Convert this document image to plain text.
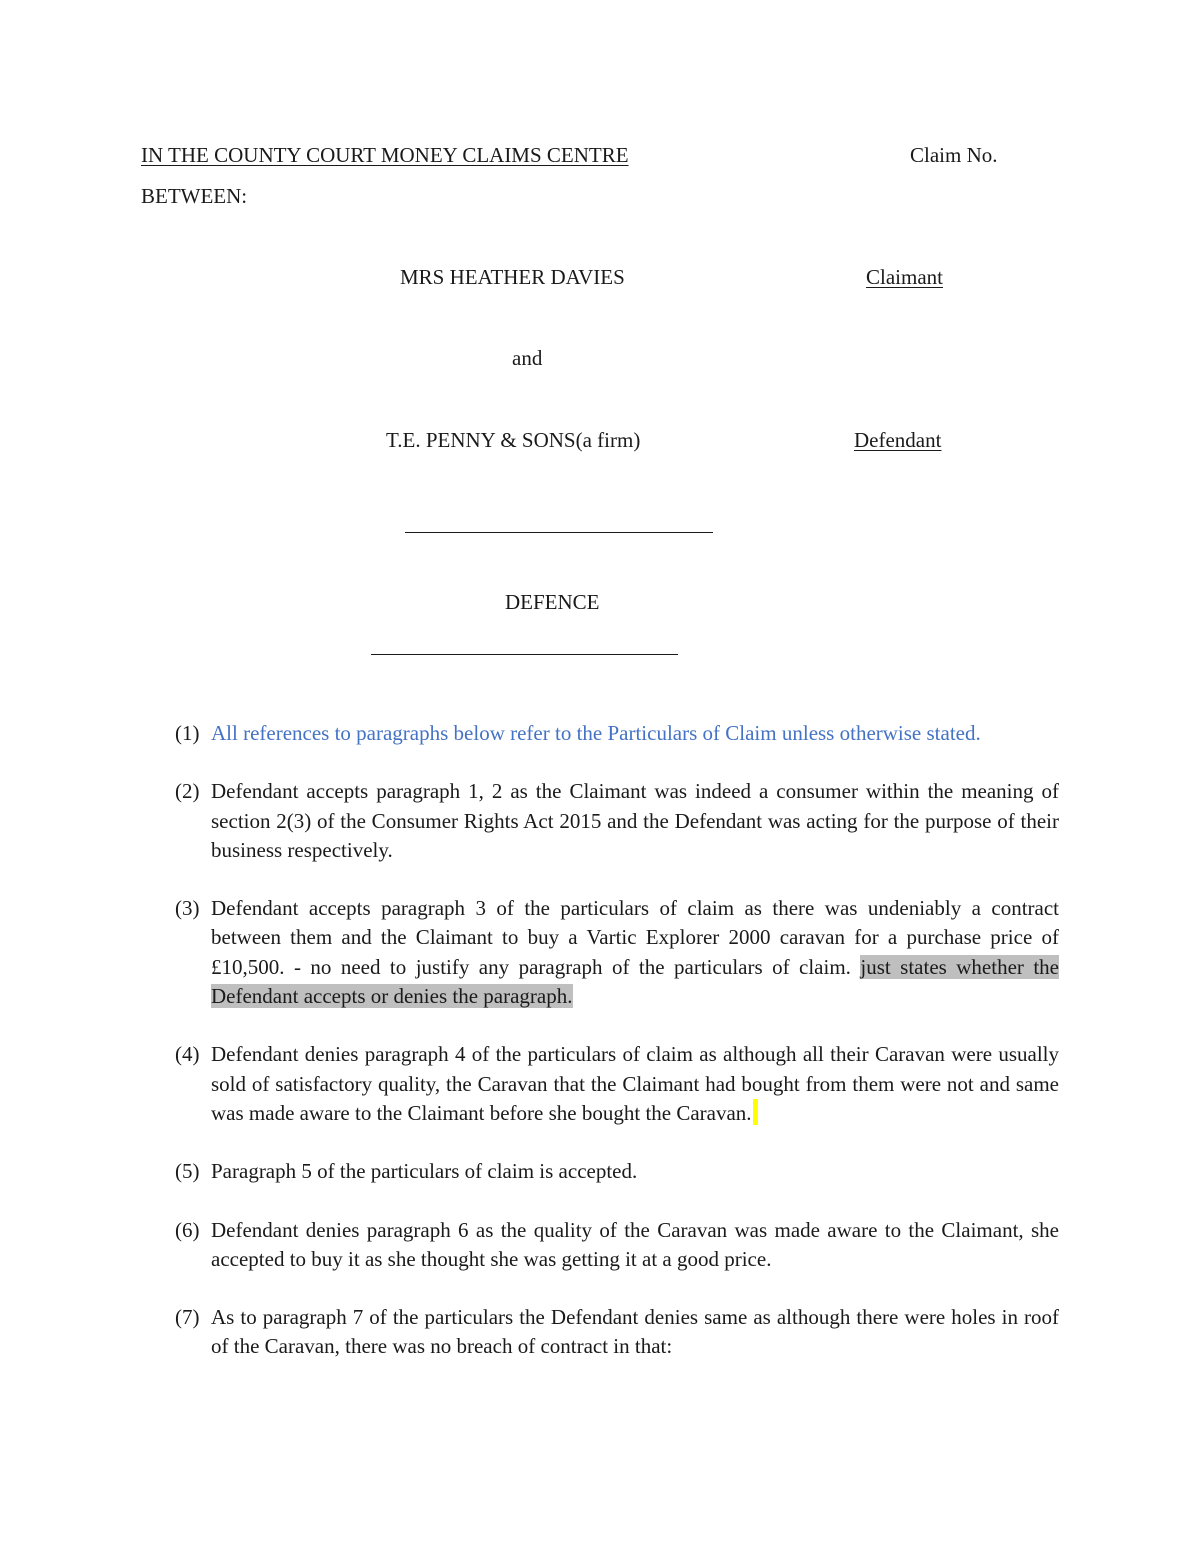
IN THE COUNTY COURT MONEY CLAIMS CENTRE	Claim No.
BETWEEN:
MRS HEATHER DAVIES	Claimant
and
T.E. PENNY & SONS(a firm)	Defendant
DEFENCE
(1) All references to paragraphs below refer to the Particulars of Claim unless otherwise stated.
(2) Defendant accepts paragraph 1, 2 as the Claimant was indeed a consumer within the meaning of section 2(3) of the Consumer Rights Act 2015 and the Defendant was acting for the purpose of their business respectively.
(3) Defendant accepts paragraph 3 of the particulars of claim as there was undeniably a contract between them and the Claimant to buy a Vartic Explorer 2000 caravan for a purchase price of £10,500. - no need to justify any paragraph of the particulars of claim. just states whether the Defendant accepts or denies the paragraph.
(4) Defendant denies paragraph 4 of the particulars of claim as although all their Caravan were usually sold of satisfactory quality, the Caravan that the Claimant had bought from them were not and same was made aware to the Claimant before she bought the Caravan.
(5) Paragraph 5 of the particulars of claim is accepted.
(6) Defendant denies paragraph 6 as the quality of the Caravan was made aware to the Claimant, she accepted to buy it as she thought she was getting it at a good price.
(7) As to paragraph 7 of the particulars the Defendant denies same as although there were holes in roof of the Caravan, there was no breach of contract in that:
